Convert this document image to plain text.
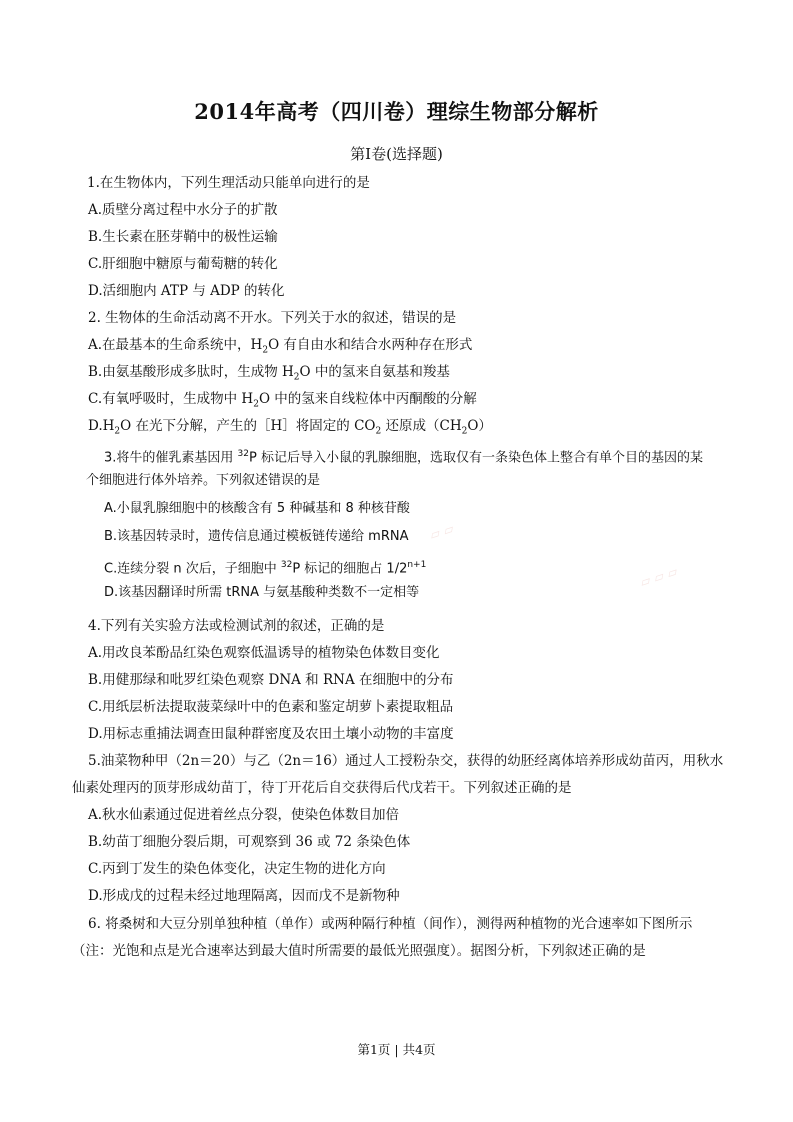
2014年高考（四川卷）理综生物部分解析
第Ⅰ卷(选择题)
1.在生物体内，下列生理活动只能单向进行的是
A.质壁分离过程中水分子的扩散
B.生长素在胚芽鞘中的极性运输
C.肝细胞中糖原与葡萄糖的转化
D.活细胞内 ATP 与 ADP 的转化
2. 生物体的生命活动离不开水。下列关于水的叙述，错误的是
A.在最基本的生命系统中，$H_2O$ 有自由水和结合水两种存在形式
B.由氨基酸形成多肽时，生成物 $H_2O$ 中的氢来自氨基和羧基
C.有氧呼吸时，生成物中 $H_2O$ 中的氢来自线粒体中丙酮酸的分解
$D.H_2O$ 在光下分解，产生的［H］将固定的 $CO_2$ 还原成$(CH_2O)$
3.将牛的催乳素基因用 $^{32}$P 标记后导入小鼠的乳腺细胞，选取仅有一条染色体上整合有单个目的基因的某
个细胞进行体外培养。下列叙述错误的是
A.小鼠乳腺细胞中的核酸含有 5 种碱基和 8 种核苷酸
B.该基因转录时，遗传信息通过模板链传递给 mRNA
C.连续分裂 n 次后，子细胞中 $^{32}$P 标记的细胞占 $1/2^{n+1}$
D.该基因翻译时所需 tRNA 与氨基酸种类数不一定相等
4.下列有关实验方法或检测试剂的叙述，正确的是
A.用改良苯酚品红染色观察低温诱导的植物染色体数目变化
B.用健那绿和吡罗红染色观察 DNA 和 RNA 在细胞中的分布
C.用纸层析法提取菠菜绿叶中的色素和鉴定胡萝卜素提取粗品
D.用标志重捕法调查田鼠种群密度及农田土壤小动物的丰富度
5.油菜物种甲（2n＝20）与乙（2n＝16）通过人工授粉杂交，获得的幼胚经离体培养形成幼苗丙，用秋水
仙素处理丙的顶芽形成幼苗丁，待丁开花后自交获得后代戊若干。下列叙述正确的是
A.秋水仙素通过促进着丝点分裂，使染色体数目加倍
B.幼苗丁细胞分裂后期，可观察到 36 或 72 条染色体
C.丙到丁发生的染色体变化，决定生物的进化方向
D.形成戊的过程未经过地理隔离，因而戊不是新物种
6. 将桑树和大豆分别单独种植（单作）或两种隔行种植（间作），测得两种植物的光合速率如下图所示
（注：光饱和点是光合速率达到最大值时所需要的最低光照强度）。据图分析，下列叙述正确的是
▱ ▱ ▱
▱ ▱
第1页 | 共4页
